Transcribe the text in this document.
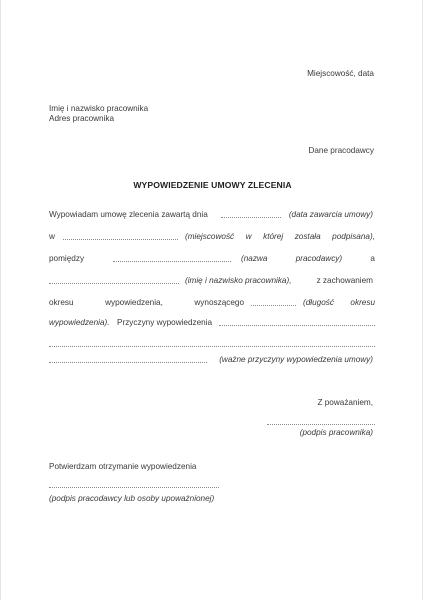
Miejscowość, data
Imię i nazwisko pracownika
Adres pracownika
Dane pracodawcy
WYPOWIEDZENIE UMOWY ZLECENIA
Wypowiadam umowę zlecenia zawartą dnia	(data zawarcia umowy)
w	(miejscowość w której została podpisana),
pomiędzy	(nazwa	pracodawcy)	a
(imię i nazwisko pracownika),	z zachowaniem
okresu	wypowiedzenia,	wynoszącego	(długość okresu
wypowiedzenia). Przyczyny wypowiedzenia
(ważne przyczyny wypowiedzenia umowy)
Z poważaniem,
(podpis pracownika)
Potwierdzam otrzymanie wypowiedzenia
(podpis pracodawcy lub osoby upoważnionej)
